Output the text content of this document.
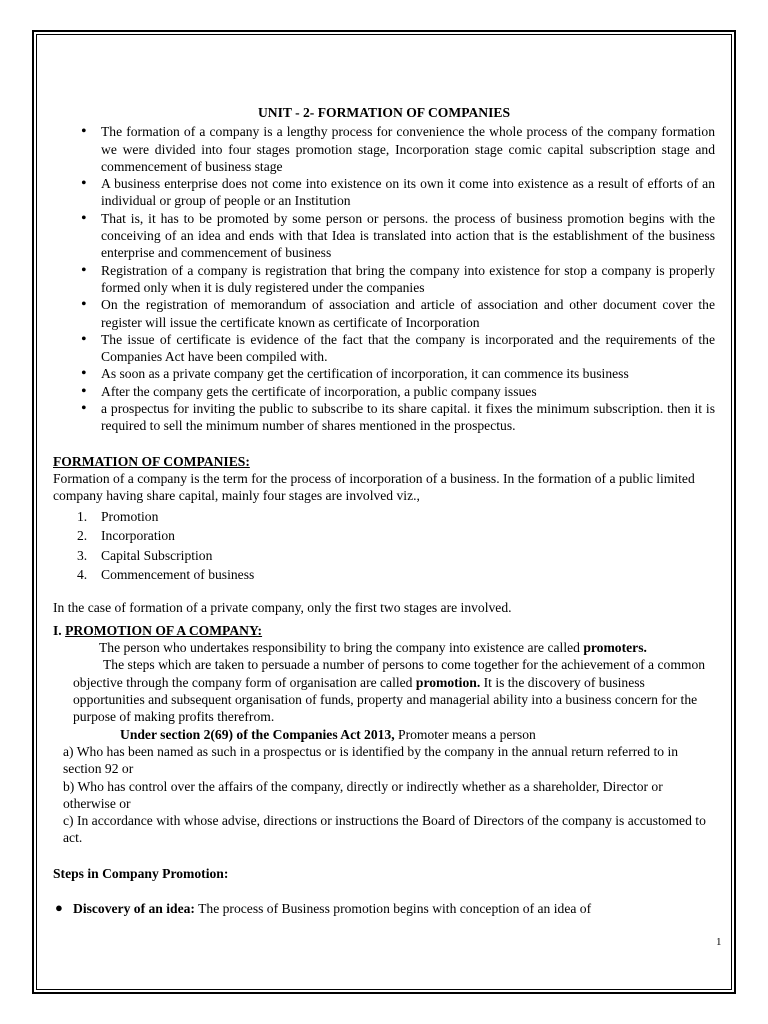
UNIT - 2- FORMATION OF COMPANIES
• The formation of a company is a lengthy process for convenience the whole process of the company formation we were divided into four stages promotion stage, Incorporation stage comic capital subscription stage and commencement of business stage
• A business enterprise does not come into existence on its own it come into existence as a result of efforts of an individual or group of people or an Institution
• That is, it has to be promoted by some person or persons. the process of business promotion begins with the conceiving of an idea and ends with that Idea is translated into action that is the establishment of the business enterprise and commencement of business
• Registration of a company is registration that bring the company into existence for stop a company is properly formed only when it is duly registered under the companies
• On the registration of memorandum of association and article of association and other document cover the register will issue the certificate known as certificate of Incorporation
• The issue of certificate is evidence of the fact that the company is incorporated and the requirements of the Companies Act have been compiled with.
• As soon as a private company get the certification of incorporation, it can commence its business
• After the company gets the certificate of incorporation, a public company issues
• a prospectus for inviting the public to subscribe to its share capital. it fixes the minimum subscription. then it is required to sell the minimum number of shares mentioned in the prospectus.
FORMATION OF COMPANIES:

Formation of a company is the term for the process of incorporation of a business. In the formation of a public limited company having share capital, mainly four stages are involved viz.,

1. Promotion
2. Incorporation
3. Capital Subscription
4. Commencement of business

In the case of formation of a private company, only the first two stages are involved.

I. PROMOTION OF A COMPANY:

The person who undertakes responsibility to bring the company into existence are called promoters.

The steps which are taken to persuade a number of persons to come together for the achievement of a common objective through the company form of organisation are called promotion. It is the discovery of business opportunities and subsequent organisation of funds, property and managerial ability into a business concern for the purpose of making profits therefrom.

Under section 2(69) of the Companies Act 2013, Promoter means a person

a) Who has been named as such in a prospectus or is identified by the company in the annual return referred to in section 92 or

b) Who has control over the affairs of the company, directly or indirectly whether as a shareholder, Director or otherwise or

c) In accordance with whose advise, directions or instructions the Board of Directors of the company is accustomed to act.

Steps in Company Promotion:
● Discovery of an idea: The process of Business promotion begins with conception of an idea of
1
